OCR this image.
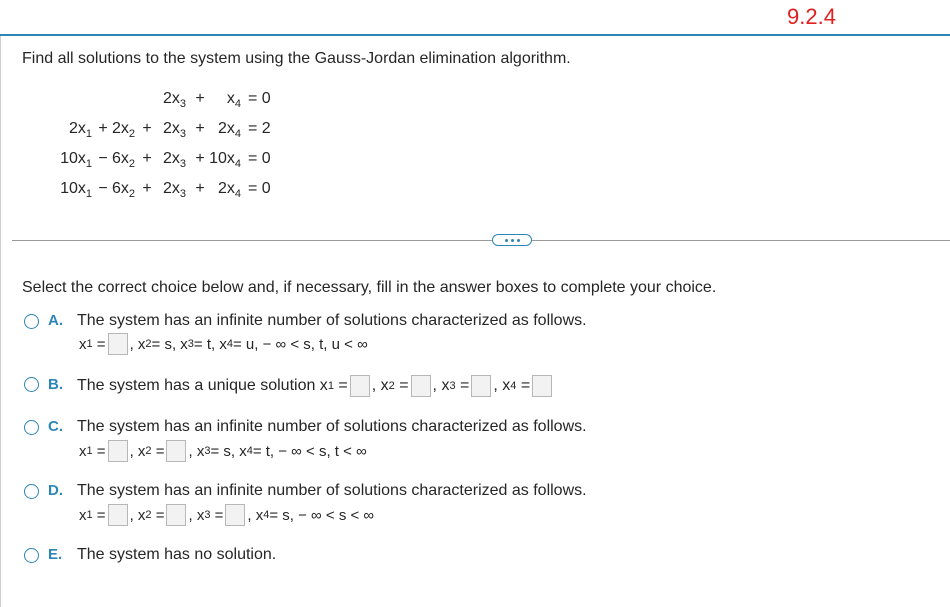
9.2.4
Find all solutions to the system using the Gauss-Jordan elimination algorithm.
$2x_3$ +	$x_4 = 0$
$2x_1 + 2x_2 + 2x_3 + 2x_4 = 2$
$10x_1 - 6x_2 + 2x_3 + 10x_4 = 0$
$10x_1 - 6x_2 + 2x_3 + 2x_4 = 0$
Select the correct choice below and, if necessary, fill in the answer boxes to complete your choice.
A. The system has an infinite number of solutions characterized as follows.
x 1 = , x 2 = s, x 3 = t, x 4 = u, − ∞ < s, t, u < ∞
B. The system has a unique solution x 1 = , x 2 = , x 3 = , x 4 =
C. The system has an infinite number of solutions characterized as follows.
x 1 = , x 2 = , x 3 = s, x 4 = t, − ∞ < s, t < ∞
D. The system has an infinite number of solutions characterized as follows.
x 1 = , x 2 = , x 3 = , x 4 = s, − ∞ < s < ∞
E. The system has no solution.
